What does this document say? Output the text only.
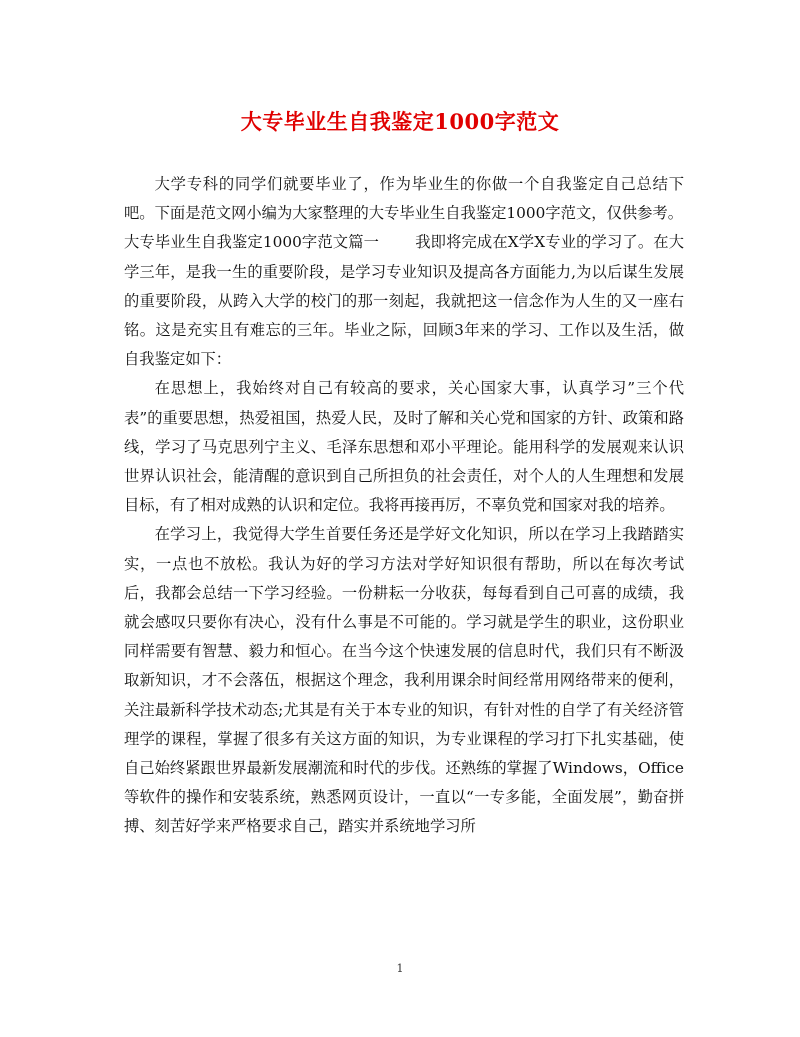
大专毕业生自我鉴定1000字范文

大学专科的同学们就要毕业了，作为毕业生的你做一个自我鉴定自己总结下吧。下面是范文网小编为大家整理的大专毕业生自我鉴定1000字范文，仅供参考。

大专毕业生自我鉴定1000字范文篇一 我即将完成在X学X专业的学习了。在大学三年，是我一生的重要阶段，是学习专业知识及提高各方面能力,为以后谋生发展的重要阶段，从跨入大学的校门的那一刻起，我就把这一信念作为人生的又一座右铭。这是充实且有难忘的三年。毕业之际，回顾3年来的学习、工作以及生活，做自我鉴定如下：

在思想上，我始终对自己有较高的要求，关心国家大事，认真学习”三个代表”的重要思想，热爱祖国，热爱人民，及时了解和关心党和国家的方针、政策和路线，学习了马克思列宁主义、毛泽东思想和邓小平理论。能用科学的发展观来认识世界认识社会，能清醒的意识到自己所担负的社会责任，对个人的人生理想和发展目标，有了相对成熟的认识和定位。我将再接再厉，不辜负党和国家对我的培养。

在学习上，我觉得大学生首要任务还是学好文化知识，所以在学习上我踏踏实实，一点也不放松。我认为好的学习方法对学好知识很有帮助，所以在每次考试后，我都会总结一下学习经验。一份耕耘一分收获，每每看到自己可喜的成绩，我就会感叹只要你有决心，没有什么事是不可能的。学习就是学生的职业，这份职业同样需要有智慧、毅力和恒心。在当今这个快速发展的信息时代，我们只有不断汲取新知识，才不会落伍，根据这个理念，我利用课余时间经常用网络带来的便利，关注最新科学技术动态;尤其是有关于本专业的知识，有针对性的自学了有关经济管理学的课程，掌握了很多有关这方面的知识，为专业课程的学习打下扎实基础，使自己始终紧跟世界最新发展潮流和时代的步伐。还熟练的掌握了Windows，Office等软件的操作和安装系统，熟悉网页设计，一直以“一专多能，全面发展”，勤奋拼搏、刻苦好学来严格要求自己，踏实并系统地学习所

1
